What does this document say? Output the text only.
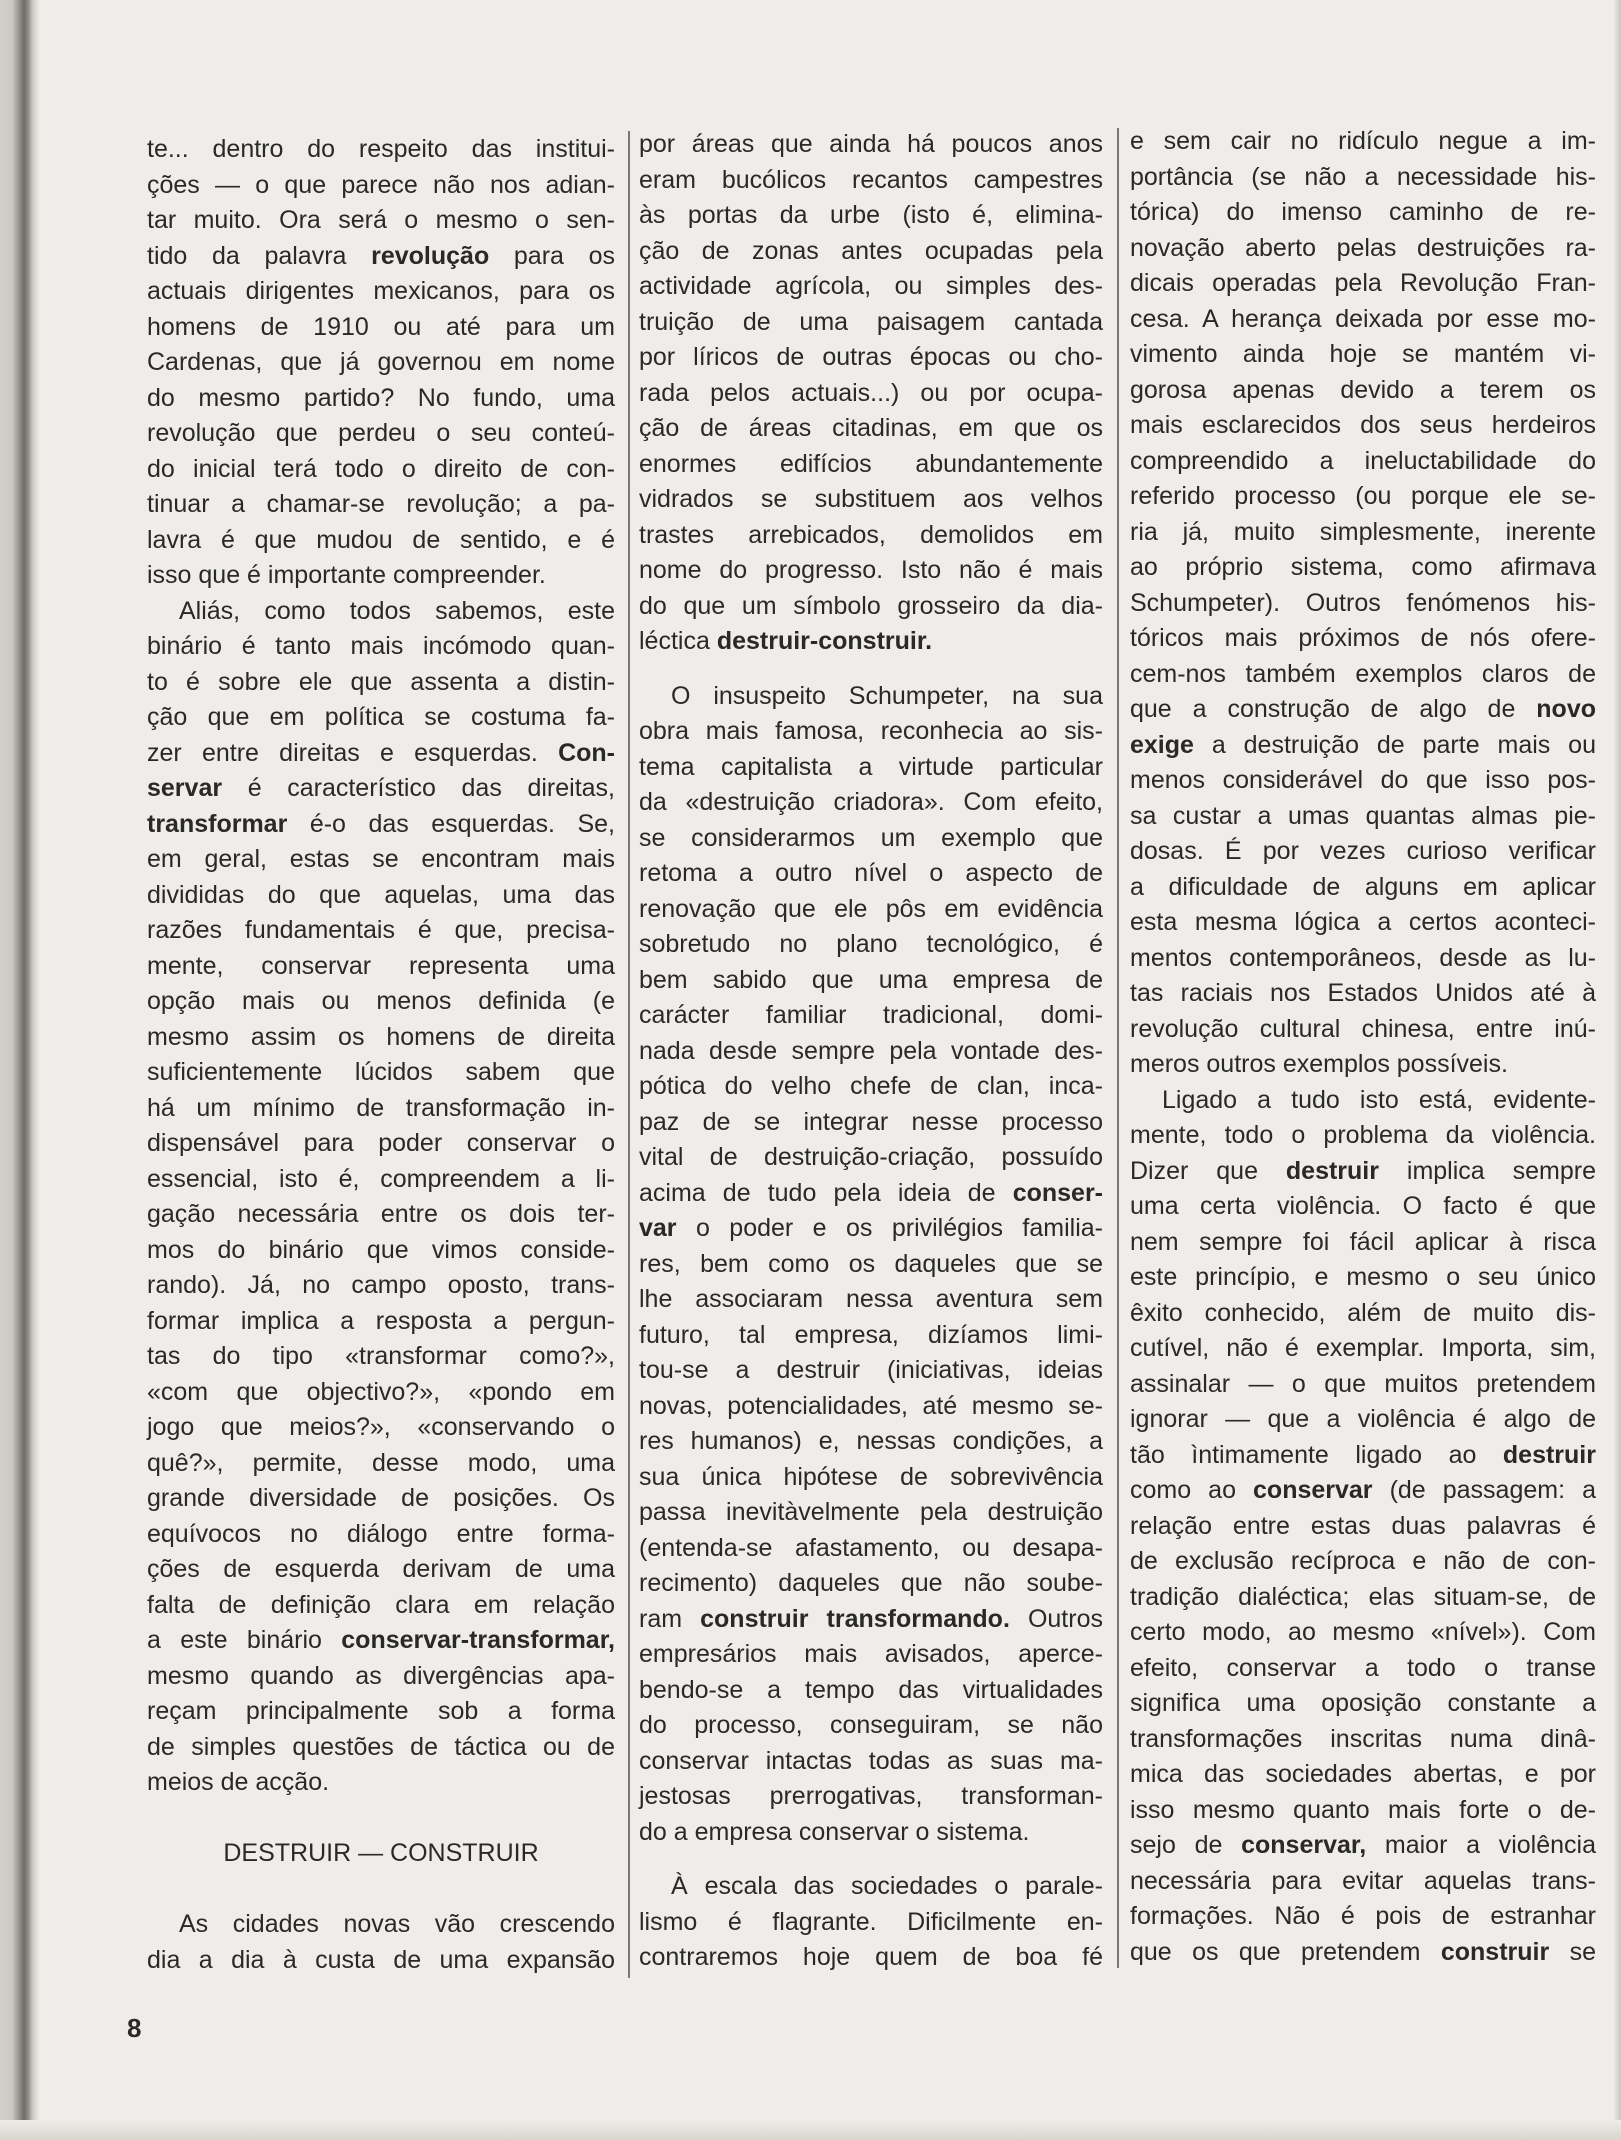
te... dentro do respeito das institui-
ções — o que parece não nos adian-
tar muito. Ora será o mesmo o sen-
tido da palavra revolução para os
actuais dirigentes mexicanos, para os
homens de 1910 ou até para um
Cardenas, que já governou em nome
do mesmo partido? No fundo, uma
revolução que perdeu o seu conteú-
do inicial terá todo o direito de con-
tinuar a chamar-se revolução; a pa-
lavra é que mudou de sentido, e é
isso que é importante compreender.
Aliás, como todos sabemos, este
binário é tanto mais incómodo quan-
to é sobre ele que assenta a distin-
ção que em política se costuma fa-
zer entre direitas e esquerdas. Con-
servar é característico das direitas,
transformar é-o das esquerdas. Se,
em geral, estas se encontram mais
divididas do que aquelas, uma das
razões fundamentais é que, precisa-
mente, conservar representa uma
opção mais ou menos definida (e
mesmo assim os homens de direita
suficientemente lúcidos sabem que
há um mínimo de transformação in-
dispensável para poder conservar o
essencial, isto é, compreendem a li-
gação necessária entre os dois ter-
mos do binário que vimos conside-
rando). Já, no campo oposto, trans-
formar implica a resposta a pergun-
tas do tipo «transformar como?»,
«com que objectivo?», «pondo em
jogo que meios?», «conservando o
quê?», permite, desse modo, uma
grande diversidade de posições. Os
equívocos no diálogo entre forma-
ções de esquerda derivam de uma
falta de definição clara em relação
a este binário conservar-transformar,
mesmo quando as divergências apa-
reçam principalmente sob a forma
de simples questões de táctica ou de
meios de acção.
DESTRUIR — CONSTRUIR
As cidades novas vão crescendo
dia a dia à custa de uma expansão
por áreas que ainda há poucos anos
eram bucólicos recantos campestres
às portas da urbe (isto é, elimina-
ção de zonas antes ocupadas pela
actividade agrícola, ou simples des-
truição de uma paisagem cantada
por líricos de outras épocas ou cho-
rada pelos actuais...) ou por ocupa-
ção de áreas citadinas, em que os
enormes edifícios abundantemente
vidrados se substituem aos velhos
trastes arrebicados, demolidos em
nome do progresso. Isto não é mais
do que um símbolo grosseiro da dia-
léctica destruir-construir.
O insuspeito Schumpeter, na sua
obra mais famosa, reconhecia ao sis-
tema capitalista a virtude particular
da «destruição criadora». Com efeito,
se considerarmos um exemplo que
retoma a outro nível o aspecto de
renovação que ele pôs em evidência
sobretudo no plano tecnológico, é
bem sabido que uma empresa de
carácter familiar tradicional, domi-
nada desde sempre pela vontade des-
pótica do velho chefe de clan, inca-
paz de se integrar nesse processo
vital de destruição-criação, possuído
acima de tudo pela ideia de conser-
var o poder e os privilégios familia-
res, bem como os daqueles que se
lhe associaram nessa aventura sem
futuro, tal empresa, dizíamos limi-
tou-se a destruir (iniciativas, ideias
novas, potencialidades, até mesmo se-
res humanos) e, nessas condições, a
sua única hipótese de sobrevivência
passa inevitàvelmente pela destruição
(entenda-se afastamento, ou desapa-
recimento) daqueles que não soube-
ram construir transformando. Outros
empresários mais avisados, aperce-
bendo-se a tempo das virtualidades
do processo, conseguiram, se não
conservar intactas todas as suas ma-
jestosas prerrogativas, transforman-
do a empresa conservar o sistema.
À escala das sociedades o parale-
lismo é flagrante. Dificilmente en-
contraremos hoje quem de boa fé
e sem cair no ridículo negue a im-
portância (se não a necessidade his-
tórica) do imenso caminho de re-
novação aberto pelas destruições ra-
dicais operadas pela Revolução Fran-
cesa. A herança deixada por esse mo-
vimento ainda hoje se mantém vi-
gorosa apenas devido a terem os
mais esclarecidos dos seus herdeiros
compreendido a ineluctabilidade do
referido processo (ou porque ele se-
ria já, muito simplesmente, inerente
ao próprio sistema, como afirmava
Schumpeter). Outros fenómenos his-
tóricos mais próximos de nós ofere-
cem-nos também exemplos claros de
que a construção de algo de novo
exige a destruição de parte mais ou
menos considerável do que isso pos-
sa custar a umas quantas almas pie-
dosas. É por vezes curioso verificar
a dificuldade de alguns em aplicar
esta mesma lógica a certos aconteci-
mentos contemporâneos, desde as lu-
tas raciais nos Estados Unidos até à
revolução cultural chinesa, entre inú-
meros outros exemplos possíveis.
Ligado a tudo isto está, evidente-
mente, todo o problema da violência.
Dizer que destruir implica sempre
uma certa violência. O facto é que
nem sempre foi fácil aplicar à risca
este princípio, e mesmo o seu único
êxito conhecido, além de muito dis-
cutível, não é exemplar. Importa, sim,
assinalar — o que muitos pretendem
ignorar — que a violência é algo de
tão ìntimamente ligado ao destruir
como ao conservar (de passagem: a
relação entre estas duas palavras é
de exclusão recíproca e não de con-
tradição dialéctica; elas situam-se, de
certo modo, ao mesmo «nível»). Com
efeito, conservar a todo o transe
significa uma oposição constante a
transformações inscritas numa dinâ-
mica das sociedades abertas, e por
isso mesmo quanto mais forte o de-
sejo de conservar, maior a violência
necessária para evitar aquelas trans-
formações. Não é pois de estranhar
que os que pretendem construir se
8
